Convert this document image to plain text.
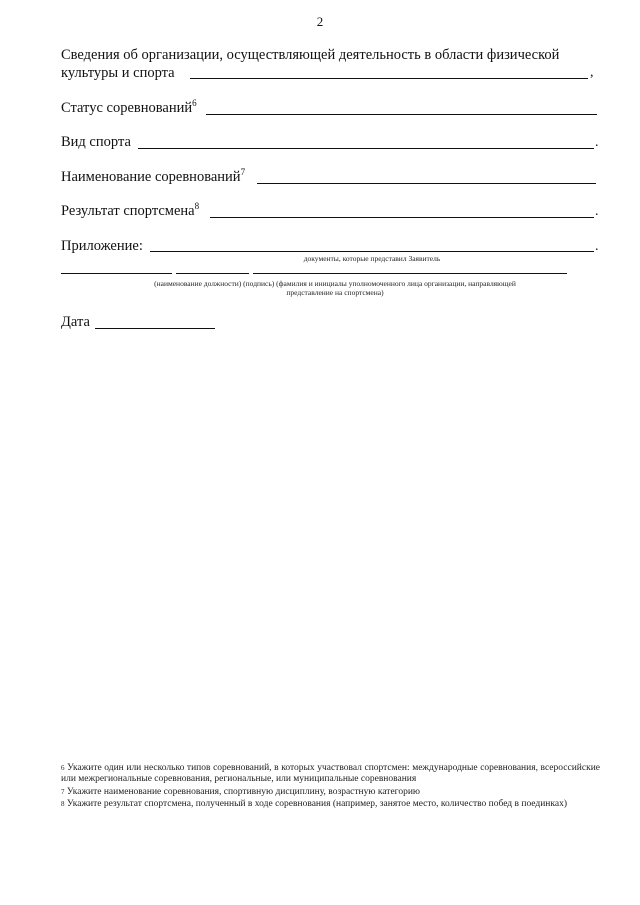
2
Сведения об организации, осуществляющей деятельность в области физической
культуры и спорта	,
Статус соревнований$^6$
Вид спорта	.
Наименование соревнований$^7$
Результат спортсмена$^8$	.
Приложение:	.
документы, которые представил Заявитель
(наименование должности) (подпись) (фамилия и инициалы уполномоченного лица организации, направляющей
представление на спортсмена)
Дата
6 Укажите один или несколько типов соревнований, в которых участвовал спортсмен: международные соревнования, всероссийские или межрегиональные соревнования, региональные, или муниципальные соревнования
7 Укажите наименование соревнования, спортивную дисциплину, возрастную категорию
8 Укажите результат спортсмена, полученный в ходе соревнования (например, занятое место, количество побед в поединках)
